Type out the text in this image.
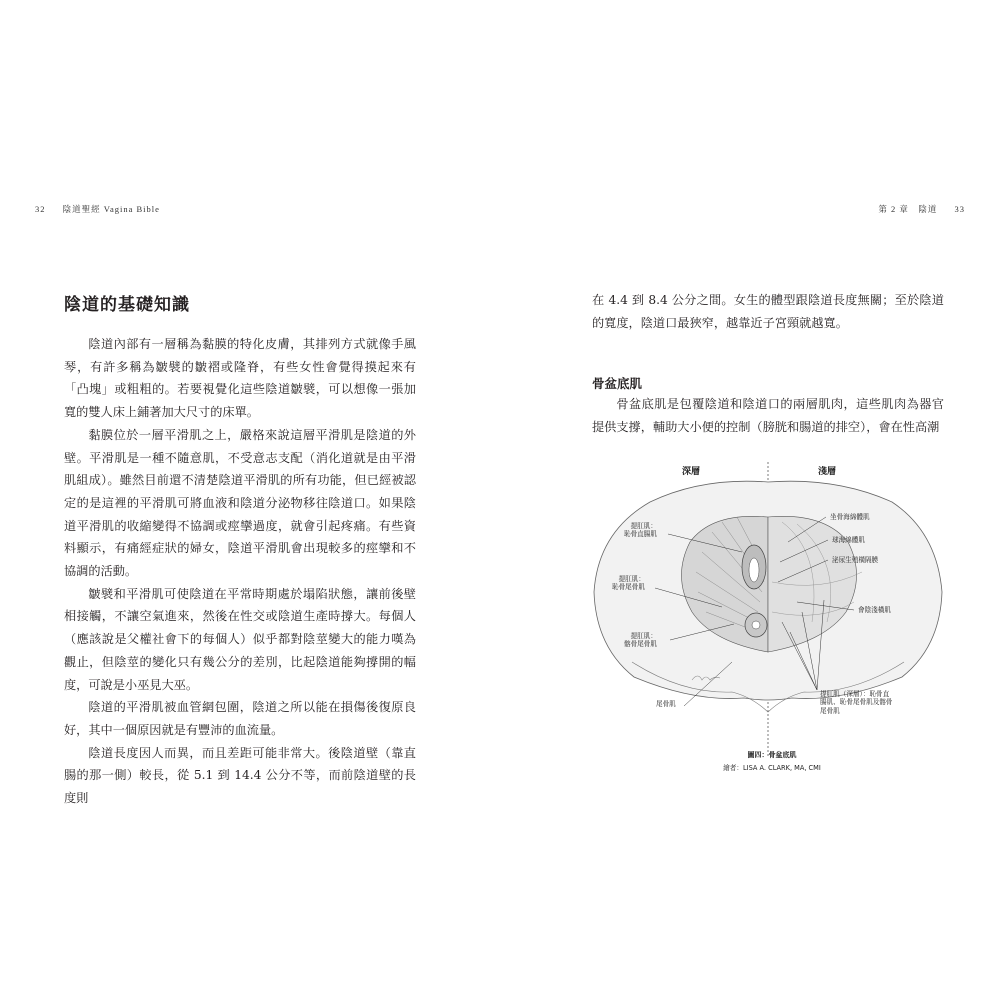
32 陰道聖經 Vagina Bible	第 2 章　陰道 33
陰道的基礎知識

陰道內部有一層稱為黏膜的特化皮膚，其排列方式就像手風琴，有許多稱為皺襞的皺褶或隆脊，有些女性會覺得摸起來有「凸塊」或粗粗的。若要視覺化這些陰道皺襞，可以想像一張加寬的雙人床上鋪著加大尺寸的床單。

黏膜位於一層平滑肌之上，嚴格來說這層平滑肌是陰道的外壁。平滑肌是一種不隨意肌，不受意志支配（消化道就是由平滑肌組成）。雖然目前還不清楚陰道平滑肌的所有功能，但已經被認定的是這裡的平滑肌可將血液和陰道分泌物移往陰道口。如果陰道平滑肌的收縮變得不協調或痙攣過度，就會引起疼痛。有些資料顯示，有痛經症狀的婦女，陰道平滑肌會出現較多的痙攣和不協調的活動。

皺襞和平滑肌可使陰道在平常時期處於塌陷狀態，讓前後壁相接觸，不讓空氣進來，然後在性交或陰道生產時撐大。每個人（應該說是父權社會下的每個人）似乎都對陰莖變大的能力嘆為觀止，但陰莖的變化只有幾公分的差別，比起陰道能夠撐開的幅度，可說是小巫見大巫。

陰道的平滑肌被血管網包圍，陰道之所以能在損傷後復原良好，其中一個原因就是有豐沛的血流量。

陰道長度因人而異，而且差距可能非常大。後陰道壁（靠直腸的那一側）較長，從 5.1 到 14.4 公分不等，而前陰道壁的長度則

在 4.4 到 8.4 公分之間。女生的體型跟陰道長度無關；至於陰道的寬度，陰道口最狹窄，越靠近子宮頸就越寬。

骨盆底肌

骨盆底肌是包覆陰道和陰道口的兩層肌肉，這些肌肉為器官提供支撐，輔助大小便的控制（膀胱和腸道的排空），會在性高潮

深層	淺層
提肛肌：
恥骨直腸肌
提肛肌：
恥骨尾骨肌
提肛肌：
髂骨尾骨肌
尾骨肌
坐骨海綿體肌
球海綿體肌
泌尿生殖橫隔膜
會陰淺橫肌
提肛肌（深層）：恥骨直
腸肌、恥骨尾骨肌及髂骨
尾骨肌
圖四：骨盆底肌
繪者：LISA A. CLARK, MA, CMI
